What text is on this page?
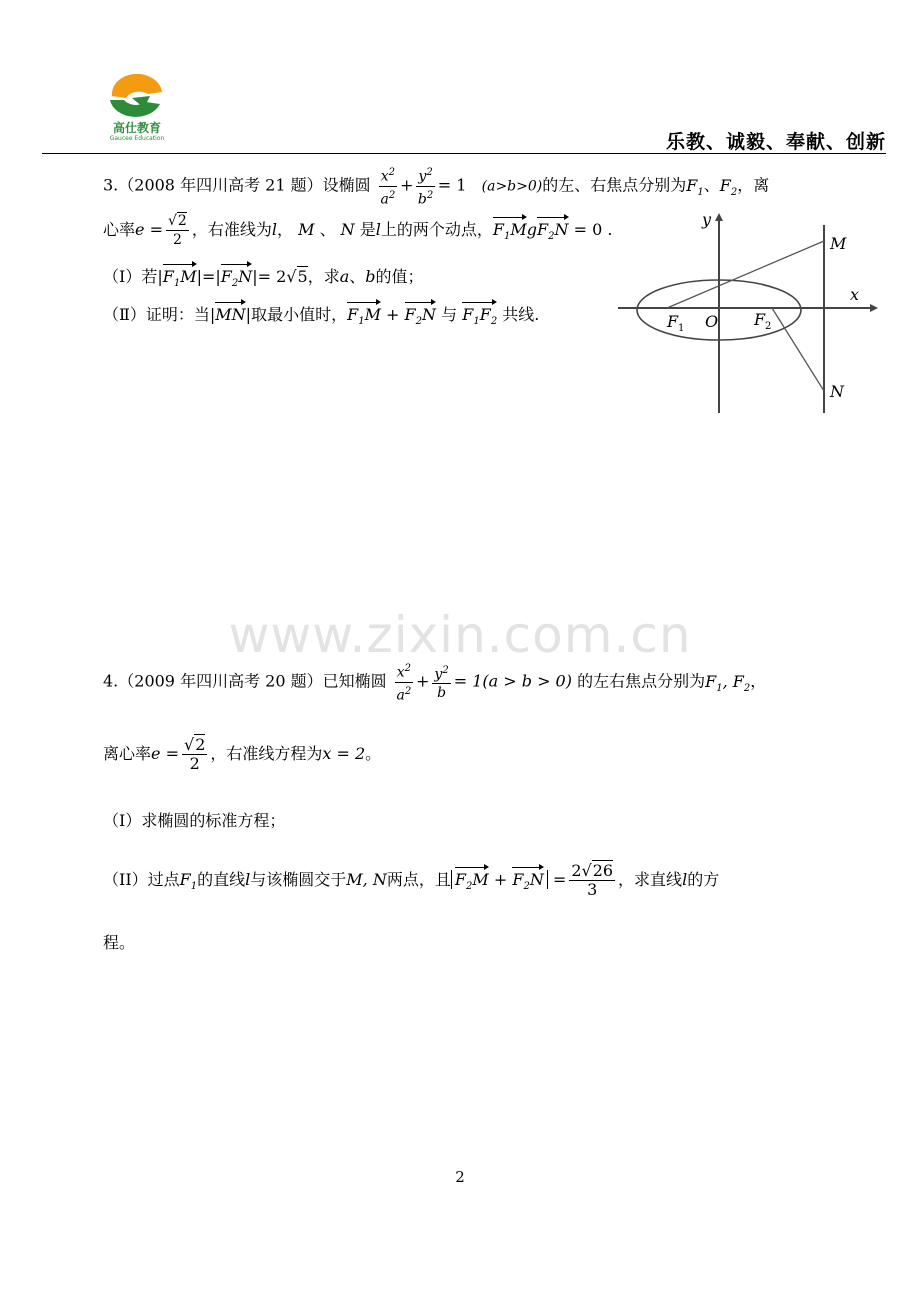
高仕教育
Gaucee Education	乐教、诚毅、奉献、创新
3.（2008 年四川高考 21 题）设椭圆 $\frac{x^2}{a^2} + \frac{y^2}{b^2} = 1$   (a>b>0)的左、右焦点分别为$F_1$、$F_2$，离
心率$e = \frac{√2}{2}$ ，右准线为l， M 、 N 是l上的两个动点，$F_1MgF_2N = 0$ .
（Ⅰ）若$|F_1M|=|F_2N|= 2√5$，求a、b的值；
（Ⅱ）证明：当|MN|取最小值时，$F_1M + F_2N$ 与 $F_1F_2$ 共线.
y
x
M
N
O
F 1	F 2
www.zixin.com.cn
4.（2009 年四川高考 20 题）已知椭圆 $\frac{x^2}{a^2} + \frac{y^2}{b} = 1(a > b > 0)$ 的左右焦点分别为$F_1$, $F_2$，
离心率$e = \frac{√2}{2}$ ，右准线方程为x = 2。
（I）求椭圆的标准方程；
（II）过点$F_1$的直线l与该椭圆交于M, N两点，且 $F_2M + F_2N = \frac{2√26}{3}$ ，求直线l的方
程。
2
